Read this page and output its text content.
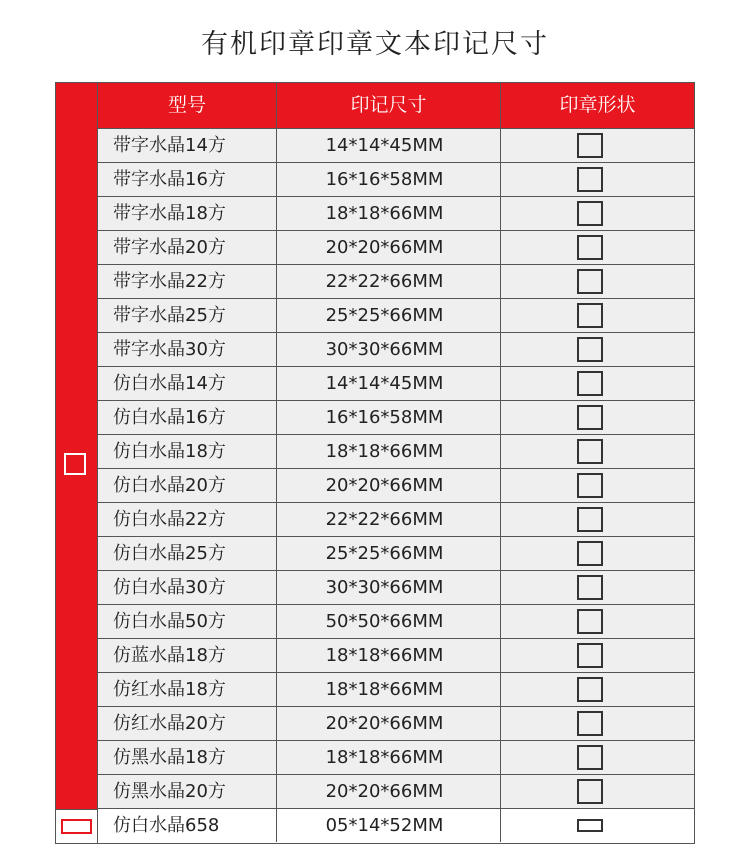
有机印章印章文本印记尺寸
型号	印记尺寸	印章形状
带字水晶14方	14*14*45MM
带字水晶16方	16*16*58MM
带字水晶18方	18*18*66MM
带字水晶20方	20*20*66MM
带字水晶22方	22*22*66MM
带字水晶25方	25*25*66MM
带字水晶30方	30*30*66MM
仿白水晶14方	14*14*45MM
仿白水晶16方	16*16*58MM
仿白水晶18方	18*18*66MM
仿白水晶20方	20*20*66MM
仿白水晶22方	22*22*66MM
仿白水晶25方	25*25*66MM
仿白水晶30方	30*30*66MM
仿白水晶50方	50*50*66MM
仿蓝水晶18方	18*18*66MM
仿红水晶18方	18*18*66MM
仿红水晶20方	20*20*66MM
仿黑水晶18方	18*18*66MM
仿黑水晶20方	20*20*66MM
仿白水晶658	05*14*52MM
